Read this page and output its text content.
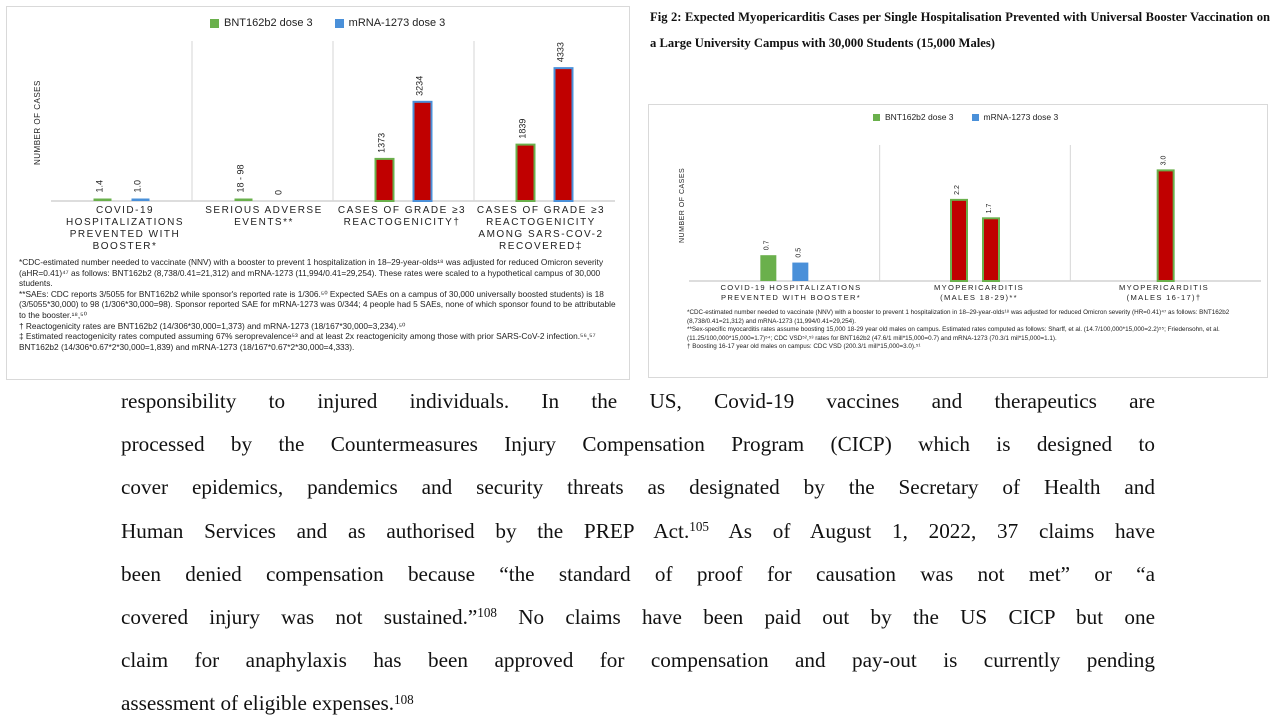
BNT162b2 dose 3	mRNA-1273 dose 3
NUMBER OF CASES
1.4	1.0	18 - 98	0
1373
3234
1839
4333
COVID-19
HOSPITALIZATIONS
PREVENTED WITH
BOOSTER*
SERIOUS ADVERSE
EVENTS**
CASES OF GRADE ≥3
REACTOGENICITY†
CASES OF GRADE ≥3
REACTOGENICITY
AMONG SARS-COV-2
RECOVERED‡

*CDC-estimated number needed to vaccinate (NNV) with a booster to prevent 1 hospitalization in 18–29-year-olds¹⁸ was adjusted for reduced Omicron severity (aHR=0.41)⁴⁷ as follows: BNT162b2 (8,738/0.41=21,312) and mRNA-1273 (11,994/0.41=29,254). These rates were scaled to a hypothetical campus of 30,000 students.

**SAEs: CDC reports 3/5055 for BNT162b2 while sponsor's reported rate is 1/306.⁵⁰ Expected SAEs on a campus of 30,000 universally boosted students) is 18 (3/5055*30,000) to 98 (1/306*30,000=98). Sponsor reported SAE for mRNA-1273 was 0/344; 4 people had 5 SAEs, none of which sponsor found to be attributable to the booster.¹⁸,⁵⁰

† Reactogenicity rates are BNT162b2 (14/306*30,000=1,373) and mRNA-1273 (18/167*30,000=3,234).⁵⁰

‡ Estimated reactogenicity rates computed assuming 67% seroprevalence⁵³ and at least 2x reactogenicity among those with prior SARS-CoV-2 infection.⁵⁶,⁵⁷ BNT162b2 (14/306*0.67*2*30,000=1,839) and mRNA-1273 (18/167*0.67*2*30,000=4,333).

Fig 2: Expected Myopericarditis Cases per Single Hospitalisation Prevented with Universal Booster Vaccination on a Large University Campus with 30,000 Students (15,000 Males)
BNT162b2 dose 3	mRNA-1273 dose 3
NUMBER OF CASES
0.7
0.5
2.2
1.7
3.0
COVID-19 HOSPITALIZATIONS
PREVENTED WITH BOOSTER*
MYOPERICARDITIS
(MALES 18-29)**
MYOPERICARDITIS
(MALES 16-17)†

*CDC-estimated number needed to vaccinate (NNV) with a booster to prevent 1 hospitalization in 18–29-year-olds¹⁸ was adjusted for reduced Omicron severity (HR=0.41)⁴⁷ as follows: BNT162b2 (8,738/0.41=21,312) and mRNA-1273 (11,994/0.41=29,254).

**Sex-specific myocarditis rates assume boosting 15,000 18-29 year old males on campus. Estimated rates computed as follows: Sharff, et al. (14.7/100,000*15,000=2.2)⁵⁵; Friedensohn, et al. (11.25/100,000*15,000=1.7)⁵⁴; CDC VSD⁵²,⁵³ rates for BNT162b2 (47.6/1 mill*15,000=0.7) and mRNA-1273 (70.3/1 mil*15,000=1.1).

† Boosting 16-17 year old males on campus: CDC VSD (200.3/1 mill*15,000=3.0).⁵¹

responsibility to injured individuals. In the US, Covid-19 vaccines and therapeutics are

processed by the Countermeasures Injury Compensation Program (CICP) which is designed to

cover epidemics, pandemics and security threats as designated by the Secretary of Health and

Human Services and as authorised by the PREP Act.$^{105}$ As of August 1, 2022, 37 claims have

been denied compensation because “the standard of proof for causation was not met” or “a

covered injury was not sustained.”$^{108}$ No claims have been paid out by the US CICP but one

claim for anaphylaxis has been approved for compensation and pay-out is currently pending

assessment of eligible expenses.$^{108}$
